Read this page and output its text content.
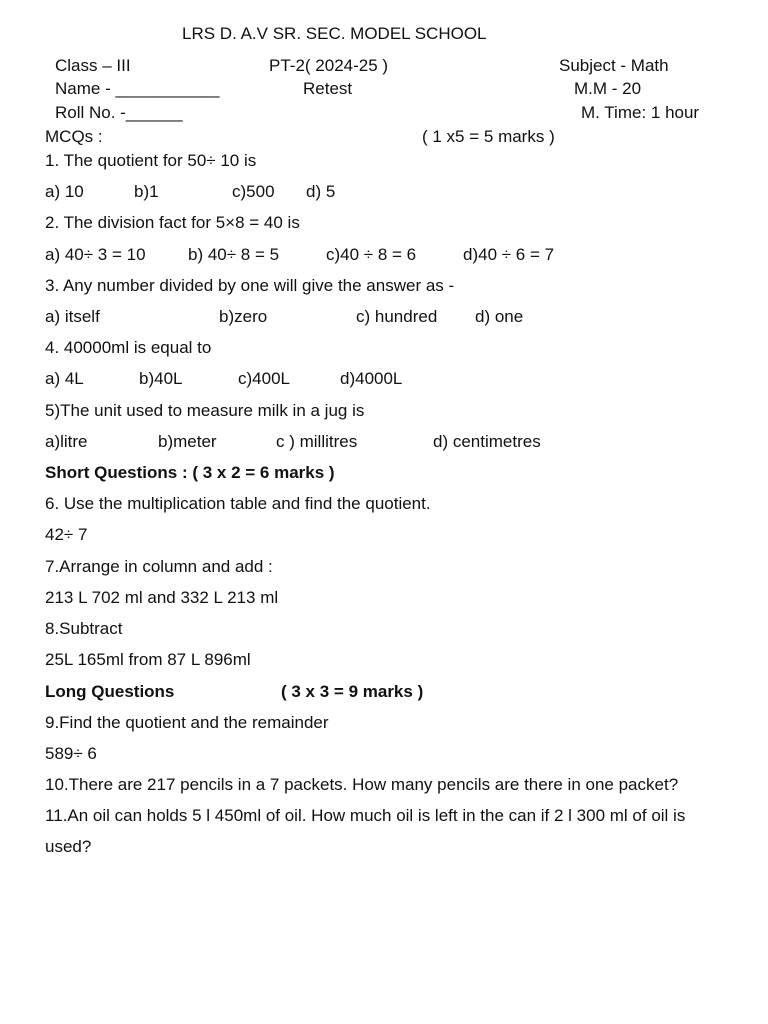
LRS D. A.V SR. SEC. MODEL SCHOOL
Class – III	PT-2( 2024-25 )	Subject - Math
Name - ___________	Retest	M.M - 20
Roll No. -______	M. Time: 1 hour
MCQs :	( 1 x5 = 5 marks )
1. The quotient for 50÷ 10 is
a) 10	b)1	c)500 d) 5
2. The division fact for 5×8 = 40 is
a) 40÷ 3 = 10 b) 40÷ 8 = 5	c)40 ÷ 8 = 6	d)40 ÷ 6 = 7
3. Any number divided by one will give the answer as -
a) itself	b)zero	c) hundred d) one
4. 40000ml is equal to
a) 4L	b)40L	c)400L	d)4000L
5)The unit used to measure milk in a jug is
a)litre	b)meter	c ) millitres	d) centimetres
Short Questions : ( 3 x 2 = 6 marks )
6. Use the multiplication table and find the quotient.
42÷ 7
7.Arrange in column and add :
213 L 702 ml and 332 L 213 ml
8.Subtract
25L 165ml from 87 L 896ml
Long Questions	( 3 x 3 = 9 marks )
9.Find the quotient and the remainder
589÷ 6
10.There are 217 pencils in a 7 packets. How many pencils are there in one packet?
11.An oil can holds 5 l 450ml of oil. How much oil is left in the can if 2 l 300 ml of oil is
used?
